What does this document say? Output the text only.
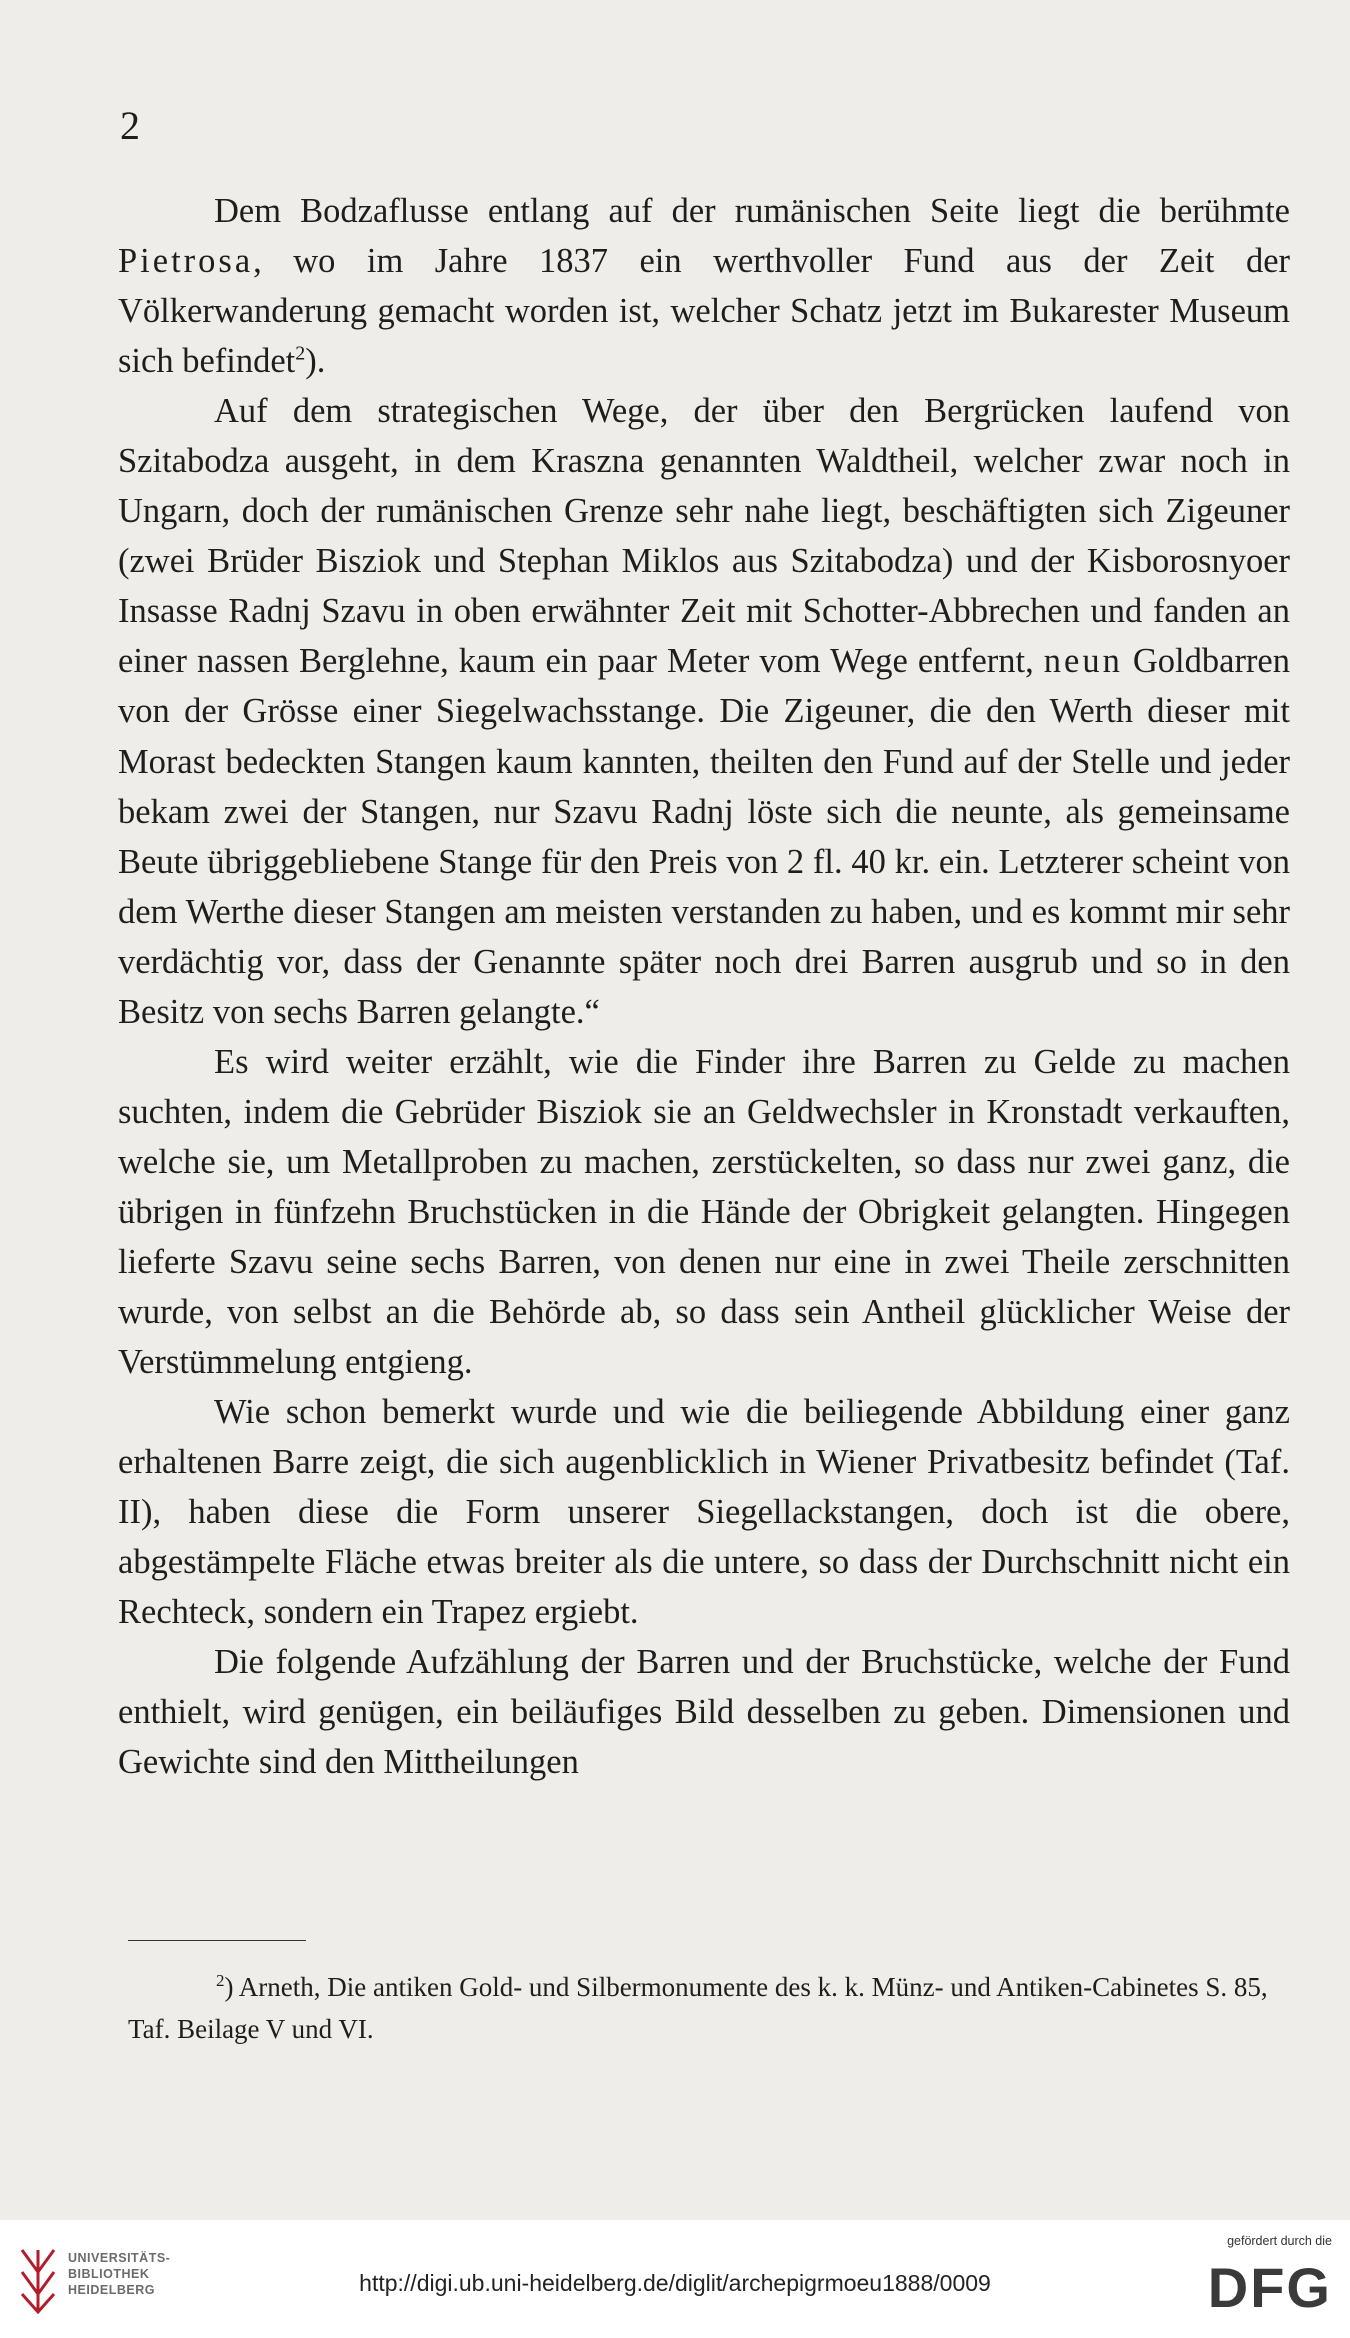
2

Dem Bodzaflusse entlang auf der rumänischen Seite liegt die berühmte Pietrosa, wo im Jahre 1837 ein werthvoller Fund aus der Zeit der Völkerwanderung gemacht worden ist, welcher Schatz jetzt im Bukarester Museum sich befindet$^2$).

Auf dem strategischen Wege, der über den Bergrücken laufend von Szitabodza ausgeht, in dem Kraszna genannten Waldtheil, welcher zwar noch in Ungarn, doch der rumänischen Grenze sehr nahe liegt, beschäftigten sich Zigeuner (zwei Brüder Bisziok und Stephan Miklos aus Szitabodza) und der Kisborosnyoer Insasse Radnj Szavu in oben erwähnter Zeit mit Schotter-Abbrechen und fanden an einer nassen Berglehne, kaum ein paar Meter vom Wege entfernt, neun Goldbarren von der Grösse einer Siegelwachsstange. Die Zigeuner, die den Werth dieser mit Morast bedeckten Stangen kaum kannten, theilten den Fund auf der Stelle und jeder bekam zwei der Stangen, nur Szavu Radnj löste sich die neunte, als gemeinsame Beute übriggebliebene Stange für den Preis von 2 fl. 40 kr. ein. Letzterer scheint von dem Werthe dieser Stangen am meisten verstanden zu haben, und es kommt mir sehr verdächtig vor, dass der Genannte später noch drei Barren ausgrub und so in den Besitz von sechs Barren gelangte.“

Es wird weiter erzählt, wie die Finder ihre Barren zu Gelde zu machen suchten, indem die Gebrüder Bisziok sie an Geldwechsler in Kronstadt verkauften, welche sie, um Metallproben zu machen, zerstückelten, so dass nur zwei ganz, die übrigen in fünfzehn Bruchstücken in die Hände der Obrigkeit gelangten. Hingegen lieferte Szavu seine sechs Barren, von denen nur eine in zwei Theile zerschnitten wurde, von selbst an die Behörde ab, so dass sein Antheil glücklicher Weise der Verstümmelung entgieng.

Wie schon bemerkt wurde und wie die beiliegende Abbildung einer ganz erhaltenen Barre zeigt, die sich augenblicklich in Wiener Privatbesitz befindet (Taf. II), haben diese die Form unserer Siegellackstangen, doch ist die obere, abgestämpelte Fläche etwas breiter als die untere, so dass der Durchschnitt nicht ein Rechteck, sondern ein Trapez ergiebt.

Die folgende Aufzählung der Barren und der Bruchstücke, welche der Fund enthielt, wird genügen, ein beiläufiges Bild desselben zu geben. Dimensionen und Gewichte sind den Mittheilungen

$^2$) Arneth, Die antiken Gold- und Silbermonumente des k. k. Münz- und Antiken-Cabinetes S. 85, Taf. Beilage V und VI.
UNIVERSITÄTS-
BIBLIOTHEK
HEIDELBERG	http://digi.ub.uni-heidelberg.de/diglit/archepigrmoeu1888/0009
gefördert durch die
DFG
